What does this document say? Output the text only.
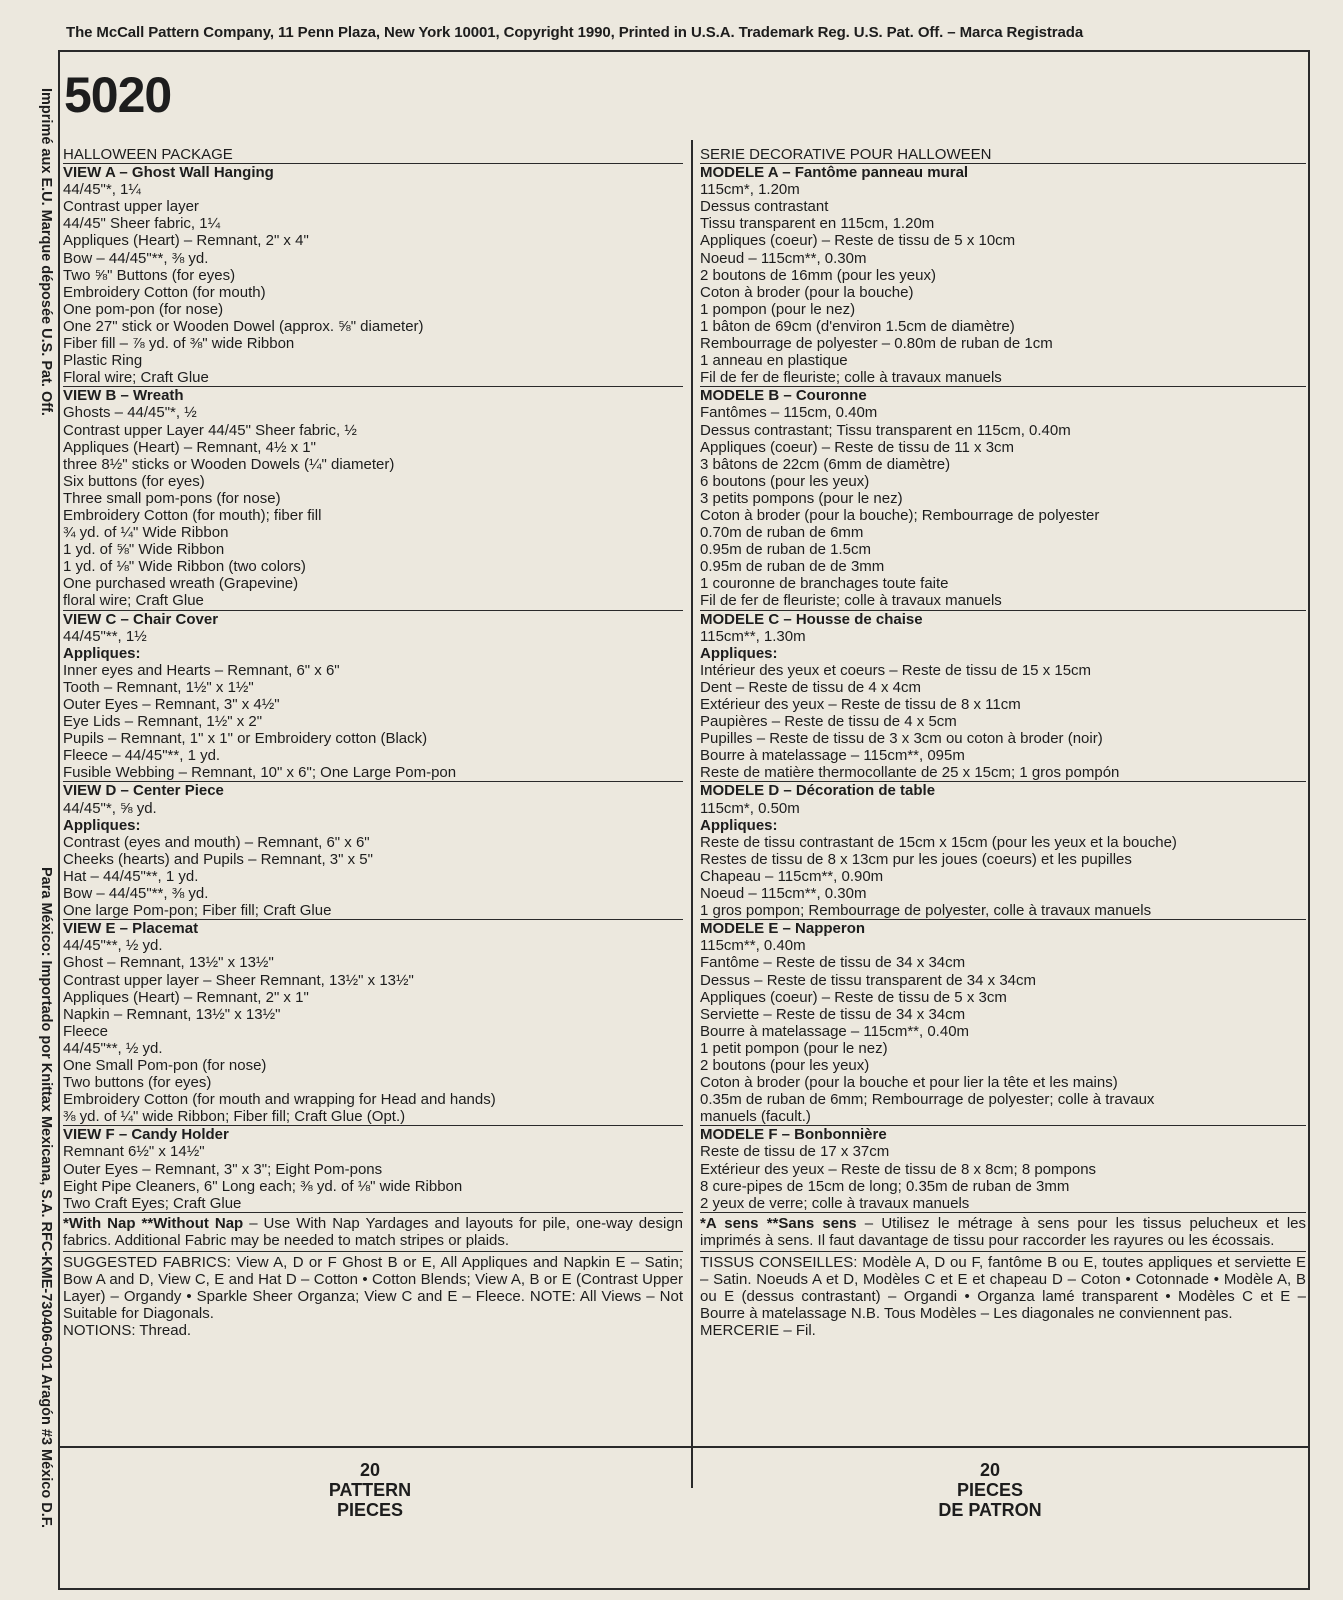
The McCall Pattern Company, 11 Penn Plaza, New York 10001, Copyright 1990, Printed in U.S.A. Trademark Reg. U.S. Pat. Off. – Marca Registrada
Imprimé aux E.U. Marque déposée U.S. Pat. Off.
Para México: Importado por Knittax Mexicana, S.A. RFC-KME-730406-001 Aragón #3 México D.F.
5020
HALLOWEEN PACKAGE
VIEW A – Ghost Wall Hanging
44/45"*, 1¼
Contrast upper layer
44/45" Sheer fabric, 1¼
Appliques (Heart) – Remnant, 2" x 4"
Bow – 44/45"**, ⅜ yd.
Two ⅝" Buttons (for eyes)
Embroidery Cotton (for mouth)
One pom-pon (for nose)
One 27" stick or Wooden Dowel (approx. ⅝" diameter)
Fiber fill – ⅞ yd. of ⅜" wide Ribbon
Plastic Ring
Floral wire; Craft Glue
VIEW B – Wreath
Ghosts – 44/45"*, ½
Contrast upper Layer 44/45" Sheer fabric, ½
Appliques (Heart) – Remnant, 4½ x 1"
three 8½" sticks or Wooden Dowels (¼" diameter)
Six buttons (for eyes)
Three small pom-pons (for nose)
Embroidery Cotton (for mouth); fiber fill
¾ yd. of ¼" Wide Ribbon
1 yd. of ⅝" Wide Ribbon
1 yd. of ⅛" Wide Ribbon (two colors)
One purchased wreath (Grapevine)
floral wire; Craft Glue
VIEW C – Chair Cover
44/45"**, 1½
Appliques:
Inner eyes and Hearts – Remnant, 6" x 6"
Tooth – Remnant, 1½" x 1½"
Outer Eyes – Remnant, 3" x 4½"
Eye Lids – Remnant, 1½" x 2"
Pupils – Remnant, 1" x 1" or Embroidery cotton (Black)
Fleece – 44/45"**, 1 yd.
Fusible Webbing – Remnant, 10" x 6"; One Large Pom-pon
VIEW D – Center Piece
44/45"*, ⅝ yd.
Appliques:
Contrast (eyes and mouth) – Remnant, 6" x 6"
Cheeks (hearts) and Pupils – Remnant, 3" x 5"
Hat – 44/45"**, 1 yd.
Bow – 44/45"**, ⅜ yd.
One large Pom-pon; Fiber fill; Craft Glue
VIEW E – Placemat
44/45"**, ½ yd.
Ghost – Remnant, 13½" x 13½"
Contrast upper layer – Sheer Remnant, 13½" x 13½"
Appliques (Heart) – Remnant, 2" x 1"
Napkin – Remnant, 13½" x 13½"
Fleece
44/45"**, ½ yd.
One Small Pom-pon (for nose)
Two buttons (for eyes)
Embroidery Cotton (for mouth and wrapping for Head and hands)
⅜ yd. of ¼" wide Ribbon; Fiber fill; Craft Glue (Opt.)
VIEW F – Candy Holder
Remnant 6½" x 14½"
Outer Eyes – Remnant, 3" x 3"; Eight Pom-pons
Eight Pipe Cleaners, 6" Long each; ⅜ yd. of ⅛" wide Ribbon
Two Craft Eyes; Craft Glue
*With Nap **Without Nap – Use With Nap Yardages and layouts for pile, one-way design fabrics. Additional Fabric may be needed to match stripes or plaids.
SUGGESTED FABRICS: View A, D or F Ghost B or E, All Appliques and Napkin E – Satin; Bow A and D, View C, E and Hat D – Cotton • Cotton Blends; View A, B or E (Contrast Upper Layer) – Organdy • Sparkle Sheer Organza; View C and E – Fleece. NOTE: All Views – Not Suitable for Diagonals.
NOTIONS: Thread.
SERIE DECORATIVE POUR HALLOWEEN
MODELE A – Fantôme panneau mural
115cm*, 1.20m
Dessus contrastant
Tissu transparent en 115cm, 1.20m
Appliques (coeur) – Reste de tissu de 5 x 10cm
Noeud – 115cm**, 0.30m
2 boutons de 16mm (pour les yeux)
Coton à broder (pour la bouche)
1 pompon (pour le nez)
1 bâton de 69cm (d'environ 1.5cm de diamètre)
Rembourrage de polyester – 0.80m de ruban de 1cm
1 anneau en plastique
Fil de fer de fleuriste; colle à travaux manuels
MODELE B – Couronne
Fantômes – 115cm, 0.40m
Dessus contrastant; Tissu transparent en 115cm, 0.40m
Appliques (coeur) – Reste de tissu de 11 x 3cm
3 bâtons de 22cm (6mm de diamètre)
6 boutons (pour les yeux)
3 petits pompons (pour le nez)
Coton à broder (pour la bouche); Rembourrage de polyester
0.70m de ruban de 6mm
0.95m de ruban de 1.5cm
0.95m de ruban de de 3mm
1 couronne de branchages toute faite
Fil de fer de fleuriste; colle à travaux manuels
MODELE C – Housse de chaise
115cm**, 1.30m
Appliques:
Intérieur des yeux et coeurs – Reste de tissu de 15 x 15cm
Dent – Reste de tissu de 4 x 4cm
Extérieur des yeux – Reste de tissu de 8 x 11cm
Paupières – Reste de tissu de 4 x 5cm
Pupilles – Reste de tissu de 3 x 3cm ou coton à broder (noir)
Bourre à matelassage – 115cm**, 095m
Reste de matière thermocollante de 25 x 15cm; 1 gros pompón
MODELE D – Décoration de table
115cm*, 0.50m
Appliques:
Reste de tissu contrastant de 15cm x 15cm (pour les yeux et la bouche)
Restes de tissu de 8 x 13cm pur les joues (coeurs) et les pupilles
Chapeau – 115cm**, 0.90m
Noeud – 115cm**, 0.30m
1 gros pompon; Rembourrage de polyester, colle à travaux manuels
MODELE E – Napperon
115cm**, 0.40m
Fantôme – Reste de tissu de 34 x 34cm
Dessus – Reste de tissu transparent de 34 x 34cm
Appliques (coeur) – Reste de tissu de 5 x 3cm
Serviette – Reste de tissu de 34 x 34cm
Bourre à matelassage – 115cm**, 0.40m
1 petit pompon (pour le nez)
2 boutons (pour les yeux)
Coton à broder (pour la bouche et pour lier la tête et les mains)
0.35m de ruban de 6mm; Rembourrage de polyester; colle à travaux
manuels (facult.)
MODELE F – Bonbonnière
Reste de tissu de 17 x 37cm
Extérieur des yeux – Reste de tissu de 8 x 8cm; 8 pompons
8 cure-pipes de 15cm de long; 0.35m de ruban de 3mm
2 yeux de verre; colle à travaux manuels
*A sens **Sans sens – Utilisez le métrage à sens pour les tissus pelucheux et les imprimés à sens. Il faut davantage de tissu pour raccorder les rayures ou les écossais.
TISSUS CONSEILLES: Modèle A, D ou F, fantôme B ou E, toutes appliques et serviette E – Satin. Noeuds A et D, Modèles C et E et chapeau D – Coton • Cotonnade • Modèle A, B ou E (dessus contrastant) – Organdi • Organza lamé transparent • Modèles C et E – Bourre à matelassage N.B. Tous Modèles – Les diagonales ne conviennent pas.
MERCERIE – Fil.
20
PATTERN
PIECES
20
PIECES
DE PATRON
